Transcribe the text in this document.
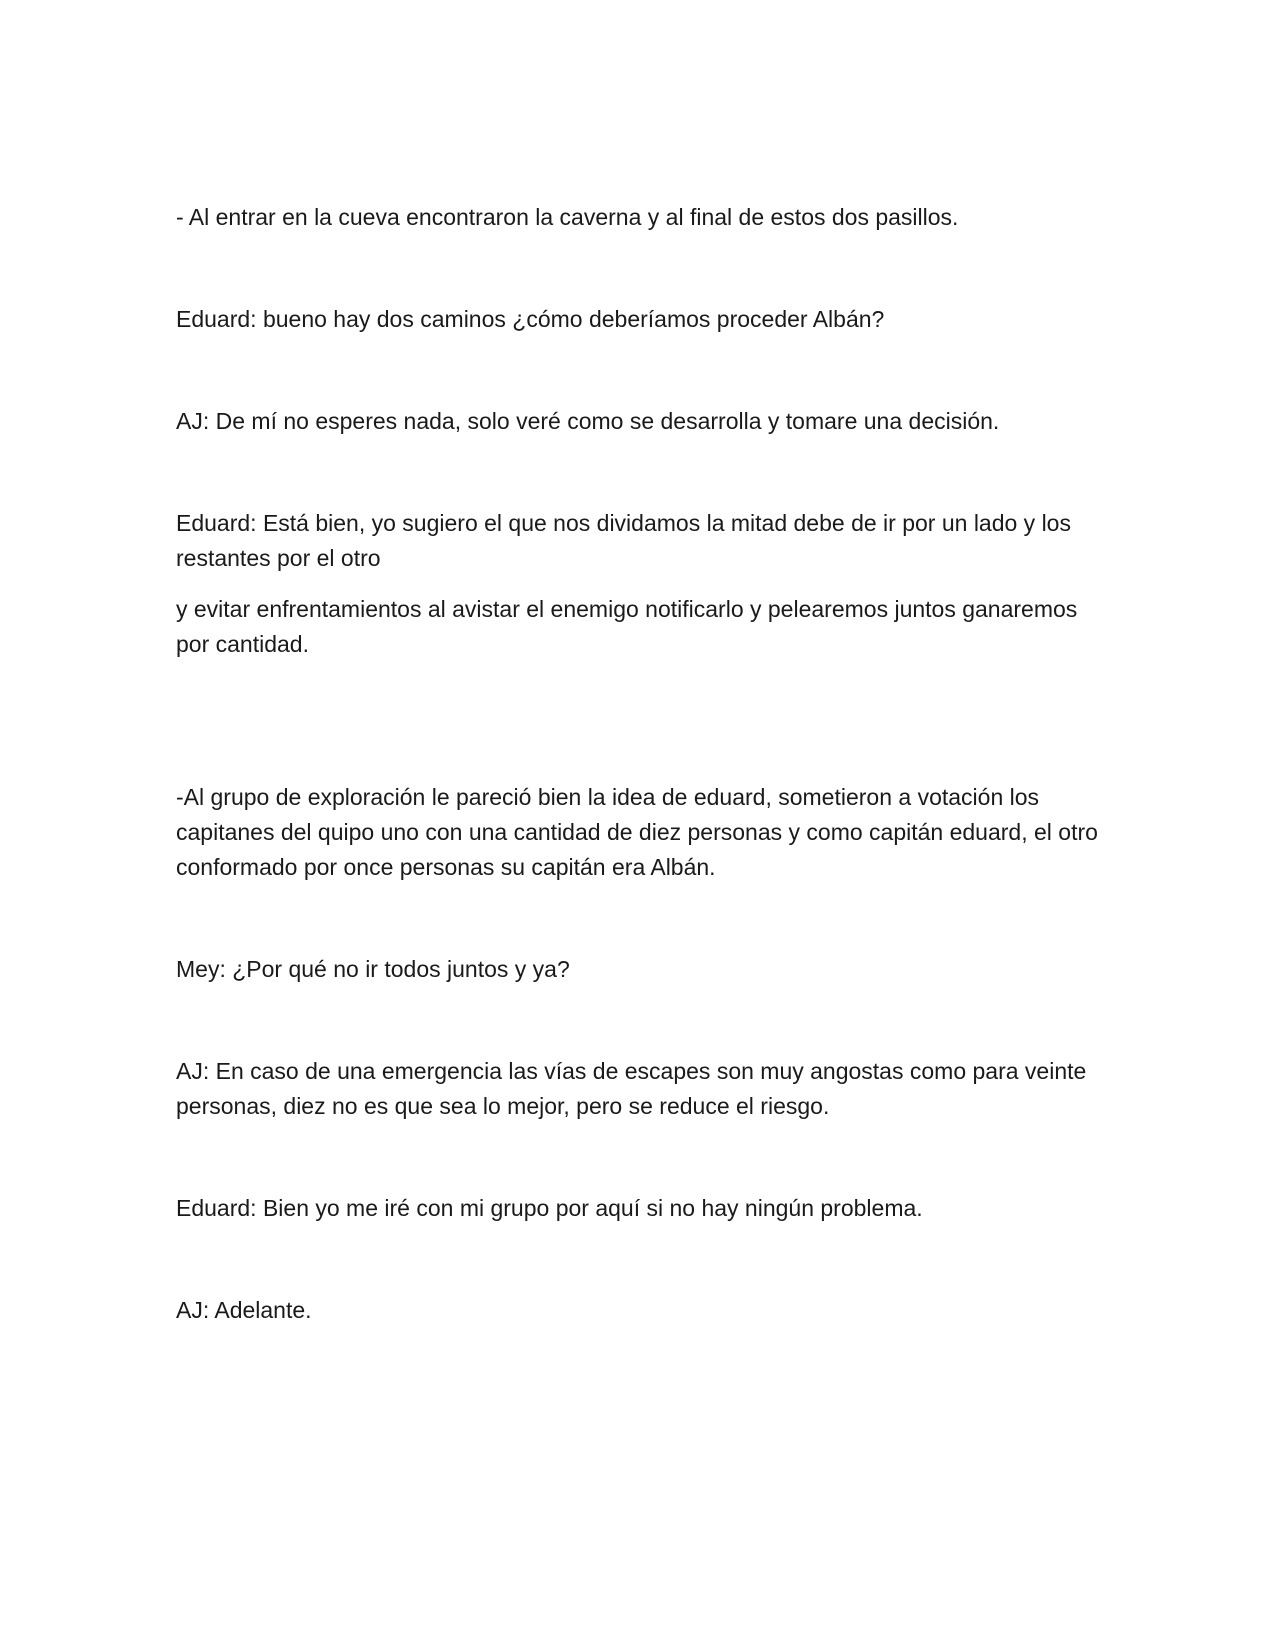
- Al entrar en la cueva encontraron la caverna y al final de estos dos pasillos.

Eduard: bueno hay dos caminos ¿cómo deberíamos proceder Albán?

AJ: De mí no esperes nada, solo veré como se desarrolla y tomare una decisión.

Eduard: Está bien, yo sugiero el que nos dividamos la mitad debe de ir por un lado y los restantes por el otro

y evitar enfrentamientos al avistar el enemigo notificarlo y pelearemos juntos ganaremos por cantidad.

-Al grupo de exploración le pareció bien la idea de eduard, sometieron a votación los capitanes del quipo uno con una cantidad de diez personas y como capitán eduard, el otro conformado por once personas su capitán era Albán.

Mey: ¿Por qué no ir todos juntos y ya?

AJ: En caso de una emergencia las vías de escapes son muy angostas como para veinte personas, diez no es que sea lo mejor, pero se reduce el riesgo.

Eduard: Bien yo me iré con mi grupo por aquí si no hay ningún problema.

AJ: Adelante.
